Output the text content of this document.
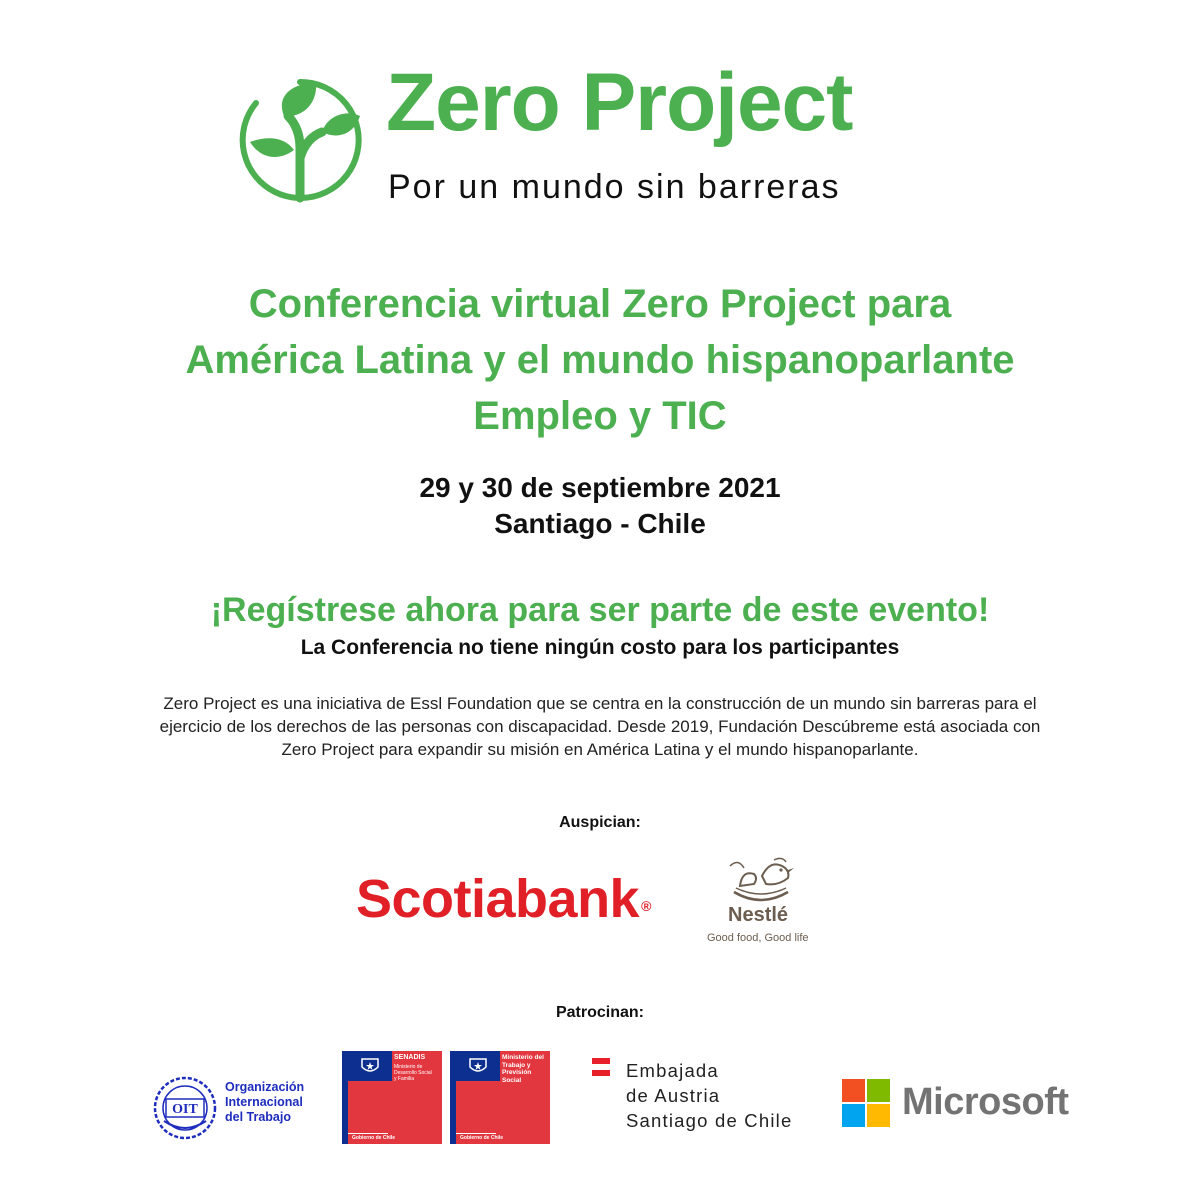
Zero Project
Por un mundo sin barreras
Conferencia virtual Zero Project para
América Latina y el mundo hispanoparlante
Empleo y TIC
29 y 30 de septiembre 2021
Santiago - Chile
¡Regístrese ahora para ser parte de este evento!
La Conferencia no tiene ningún costo para los participantes
Zero Project es una iniciativa de Essl Foundation que se centra en la construcción de un mundo sin barreras para el
ejercicio de los derechos de las personas con discapacidad. Desde 2019, Fundación Descúbreme está asociada con
Zero Project para expandir su misión en América Latina y el mundo hispanoparlante.
Auspician:
Scotiabank ®	Nestlé
Good food, Good life
Patrocinan:
OIT
Organización
Internacional
del Trabajo
SENADIS
Ministerio de
Desarrollo Social
y Familia
Gobierno de Chile
Ministerio del
Trabajo y
Previsión
Social
Gobierno de Chile
Embajada
de Austria
Santiago de Chile	Microsoft
